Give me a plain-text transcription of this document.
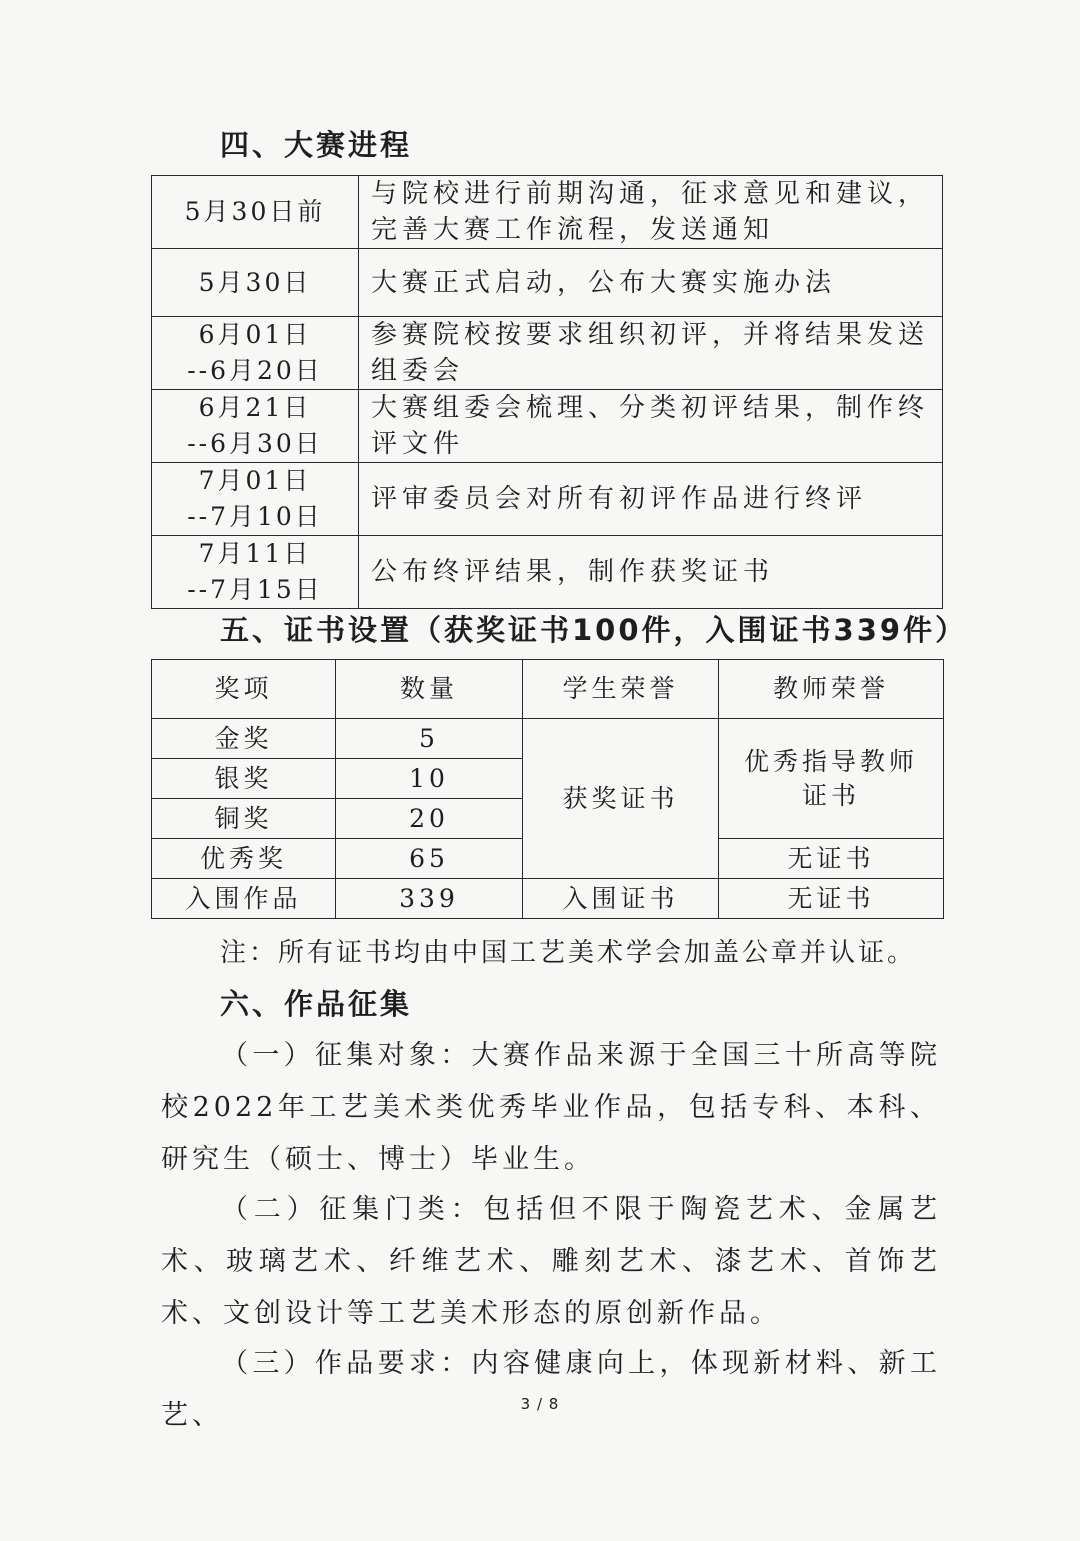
四、大赛进程
5月30日前	与院校进行前期沟通，征求意见和建议，完善大赛工作流程，发送通知

5月30日	大赛正式启动，公布大赛实施办法

6月01日
--6月20日	参赛院校按要求组织初评，并将结果发送组委会

6月21日
--6月30日	大赛组委会梳理、分类初评结果，制作终评文件

7月01日
--7月10日	评审委员会对所有初评作品进行终评

7月11日
--7月15日	公布终评结果，制作获奖证书
五、证书设置（获奖证书100件，入围证书339件）
奖项	数量	学生荣誉	教师荣誉
金奖	5	获奖证书	优秀指导教师证书
银奖	10		
铜奖	20		
优秀奖	65		无证书
入围作品	339	入围证书	无证书
注：所有证书均由中国工艺美术学会加盖公章并认证。
六、作品征集
（一）征集对象：大赛作品来源于全国三十所高等院校2022年工艺美术类优秀毕业作品，包括专科、本科、研究生（硕士、博士）毕业生。
（二）征集门类：包括但不限于陶瓷艺术、金属艺术、玻璃艺术、纤维艺术、雕刻艺术、漆艺术、首饰艺术、文创设计等工艺美术形态的原创新作品。
（三）作品要求：内容健康向上，体现新材料、新工艺、	3 / 8
